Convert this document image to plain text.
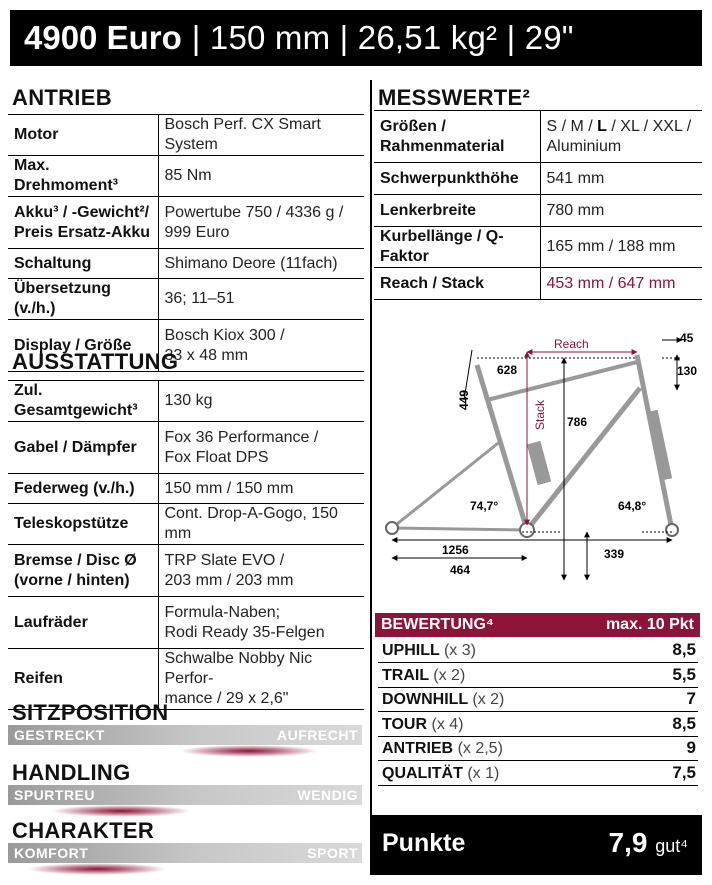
4900 Euro | 150 mm | 26,51 kg² | 29"
ANTRIEB
Motor	Bosch Perf. CX Smart System
Max. Drehmoment³	85 Nm
Akku³ / -Gewicht²/
Preis Ersatz-Akku	Powertube 750 / 4336 g /
999 Euro
Schaltung	Shimano Deore (11fach)
Übersetzung (v./h.)	36; 11–51
Display / Größe	Bosch Kiox 300 /
33 x 48 mm
AUSSTATTUNG
Zul. Gesamtgewicht³	130 kg
Gabel / Dämpfer	Fox 36 Performance /
Fox Float DPS
Federweg (v./h.)	150 mm / 150 mm
Teleskopstütze	Cont. Drop-A-Gogo, 150 mm
Bremse / Disc Ø
(vorne / hinten)	TRP Slate EVO /
203 mm / 203 mm
Laufräder	Formula-Naben;
Rodi Ready 35-Felgen
Reifen	Schwalbe Nobby Nic Perfor-
mance / 29 x 2,6"
MESSWERTE²
Größen /
Rahmenmaterial	S / M / L / XL / XXL /
Aluminium
Schwerpunkthöhe	541 mm
Lenkerbreite	780 mm
Kurbellänge / Q-Faktor	165 mm / 188 mm
Reach / Stack	453 mm / 647 mm
628
45
130
449
786
74,7°	64,8°
1256
464
339
Reach
Stack
SITZPOSITION
GESTRECKT	AUFRECHT
HANDLING
SPURTREU	WENDIG
CHARAKTER
KOMFORT	SPORT
BEWERTUNG⁴	max. 10 Pkt
UPHILL (x 3)	8,5
TRAIL (x 2)	5,5
DOWNHILL (x 2)	7
TOUR (x 4)	8,5
ANTRIEB (x 2,5)	9
QUALITÄT (x 1)	7,5
Punkte	7,9 gut⁴
